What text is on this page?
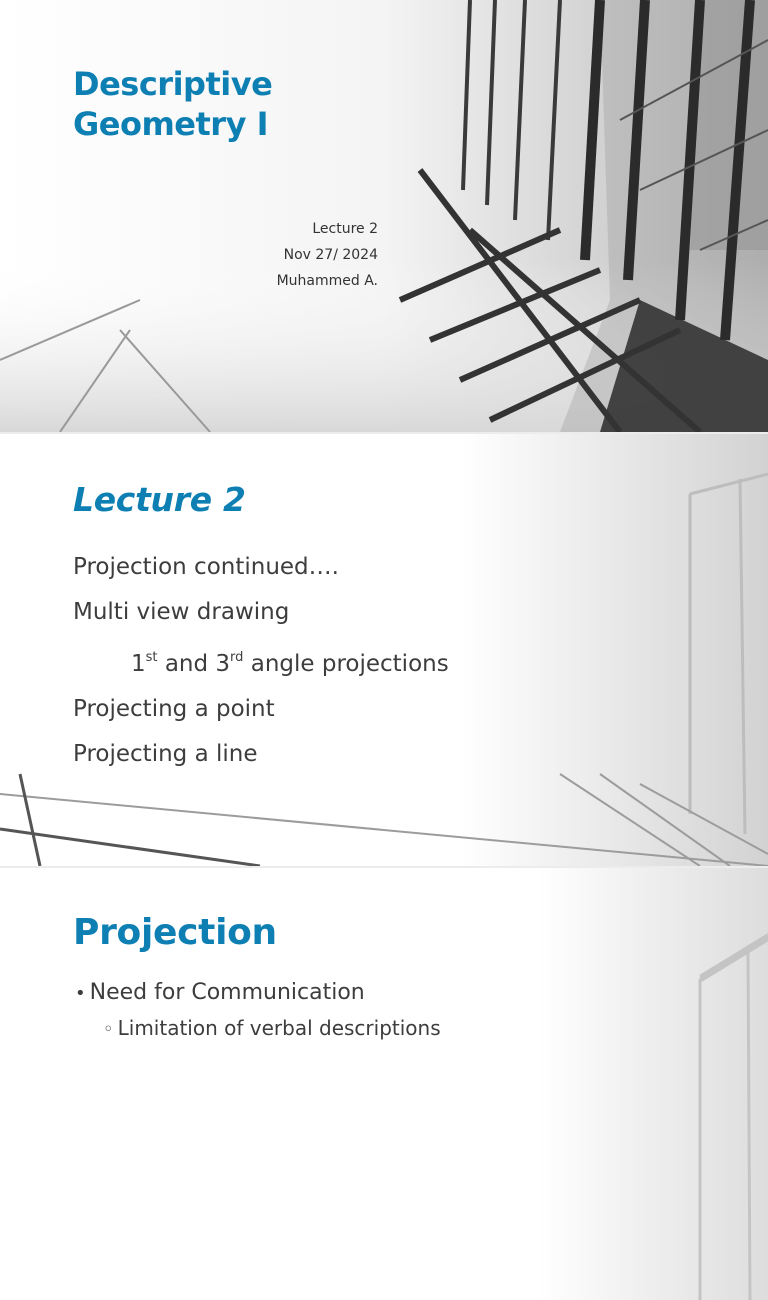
Descriptive
Geometry I
Lecture 2
Nov 27/ 2024
Muhammed A.
Lecture 2
Projection continued….
Multi view drawing
1st and 3rd angle projections
Projecting a point
Projecting a line
Projection
• Need for Communication
◦ Limitation of verbal descriptions
